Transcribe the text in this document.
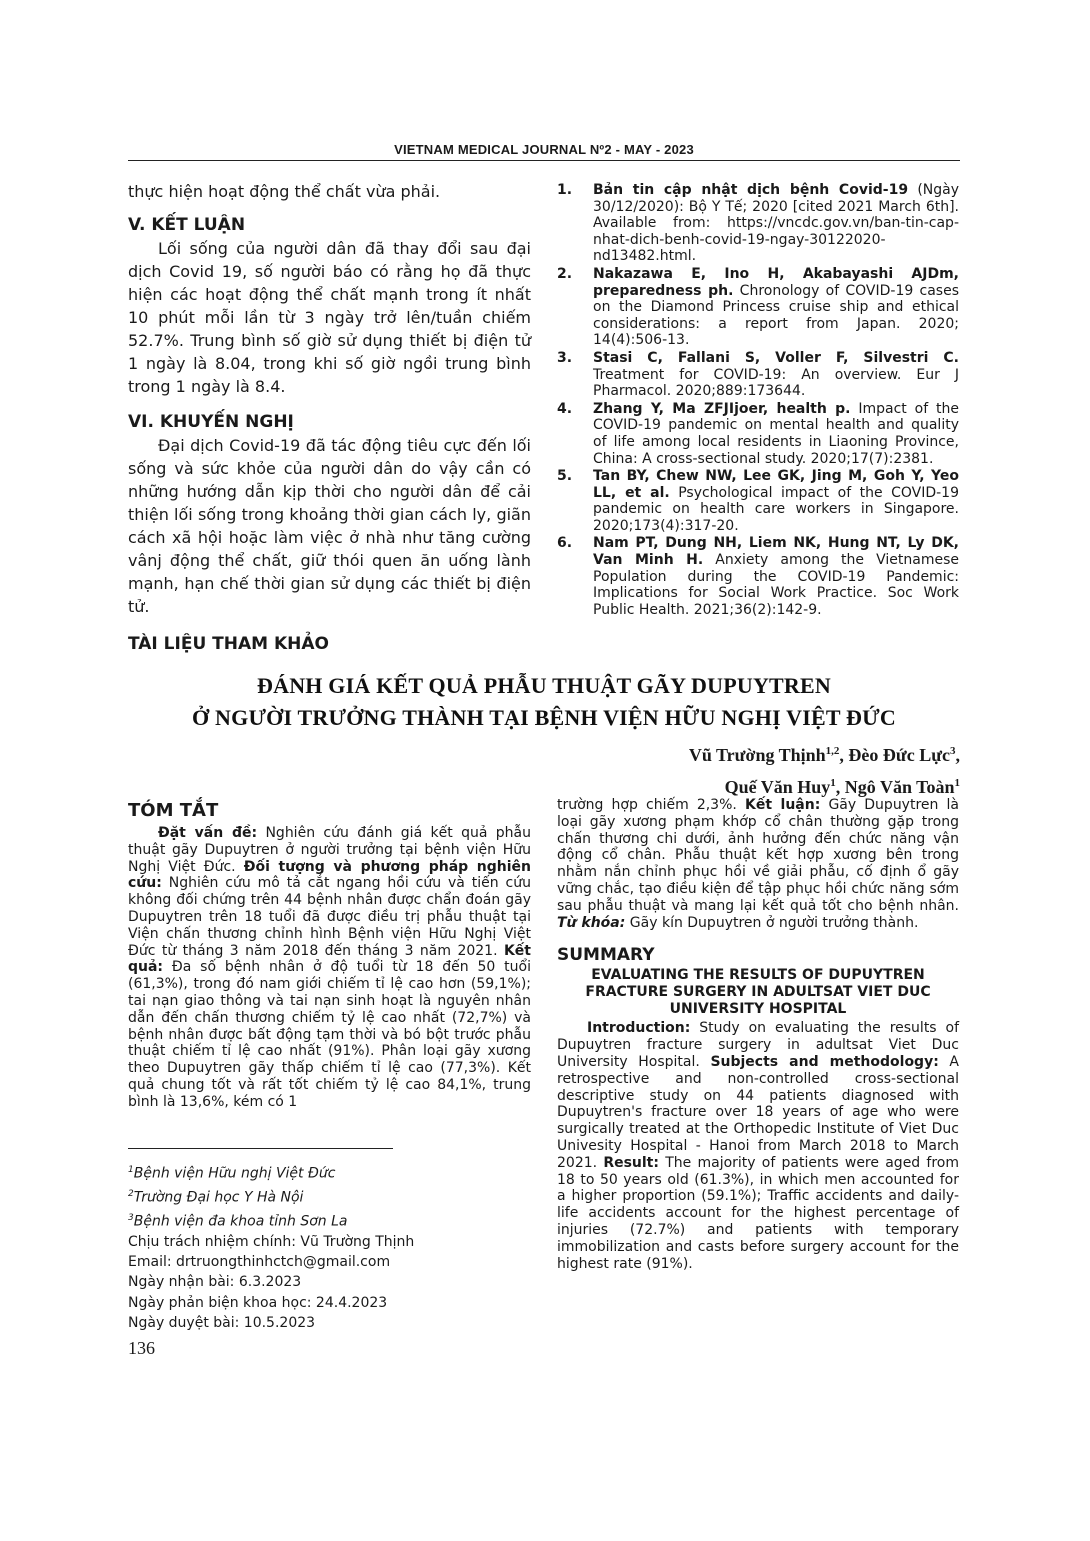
VIETNAM MEDICAL JOURNAL Nº2 - MAY - 2023
thực hiện hoạt động thể chất vừa phải.
V. KẾT LUẬN
Lối sống của người dân đã thay đổi sau đại dịch Covid 19, số người báo có rằng họ đã thực hiện các hoạt động thể chất mạnh trong ít nhất 10 phút mỗi lần từ 3 ngày trở lên/tuần chiếm 52.7%. Trung bình số giờ sử dụng thiết bị điện tử 1 ngày là 8.04, trong khi số giờ ngồi trung bình trong 1 ngày là 8.4.
VI. KHUYẾN NGHỊ
Đại dịch Covid-19 đã tác động tiêu cực đến lối sống và sức khỏe của người dân do vậy cần có những hướng dẫn kịp thời cho người dân để cải thiện lối sống trong khoảng thời gian cách ly, giãn cách xã hội hoặc làm việc ở nhà như tăng cường vânj động thể chất, giữ thói quen ăn uống lành mạnh, hạn chế thời gian sử dụng các thiết bị điện tử.
TÀI LIỆU THAM KHẢO
1.	Bản tin cập nhật dịch bệnh Covid-19 (Ngày 30/12/2020): Bộ Y Tế; 2020 [cited 2021 March 6th]. Available from: https://vncdc.gov.vn/ban-tin-cap-nhat-dich-benh-covid-19-ngay-30122020-nd13482.html.
2.	Nakazawa E, Ino H, Akabayashi AJDm, preparedness ph. Chronology of COVID-19 cases on the Diamond Princess cruise ship and ethical considerations: a report from Japan. 2020; 14(4):506-13.
3.	Stasi C, Fallani S, Voller F, Silvestri C. Treatment for COVID-19: An overview. Eur J Pharmacol. 2020;889:173644.
4.	Zhang Y, Ma ZFJIjoer, health p. Impact of the COVID-19 pandemic on mental health and quality of life among local residents in Liaoning Province, China: A cross-sectional study. 2020;17(7):2381.
5.	Tan BY, Chew NW, Lee GK, Jing M, Goh Y, Yeo LL, et al. Psychological impact of the COVID-19 pandemic on health care workers in Singapore. 2020;173(4):317-20.
6.	Nam PT, Dung NH, Liem NK, Hung NT, Ly DK, Van Minh H. Anxiety among the Vietnamese Population during the COVID-19 Pandemic: Implications for Social Work Practice. Soc Work Public Health. 2021;36(2):142-9.
ĐÁNH GIÁ KẾT QUẢ PHẪU THUẬT GÃY DUPUYTREN
Ở NGƯỜI TRƯỞNG THÀNH TẠI BỆNH VIỆN HỮU NGHỊ VIỆT ĐỨC
Vũ Trường Thịnh$^{1,2}$, Đèo Đức Lực$^3$,
Quế Văn Huy$^1$, Ngô Văn Toàn$^1$
TÓM TẮT
Đặt vấn đề: Nghiên cứu đánh giá kết quả phẫu thuật gãy Dupuytren ở người trưởng tại bệnh viện Hữu Nghị Việt Đức. Đối tượng và phương pháp nghiên cứu: Nghiên cứu mô tả cắt ngang hồi cứu và tiến cứu không đối chứng trên 44 bệnh nhân được chẩn đoán gãy Dupuytren trên 18 tuổi đã được điều trị phẫu thuật tại Viện chấn thương chỉnh hình Bệnh viện Hữu Nghị Việt Đức từ tháng 3 năm 2018 đến tháng 3 năm 2021. Kết quả: Đa số bệnh nhân ở độ tuổi từ 18 đến 50 tuổi (61,3%), trong đó nam giới chiếm tỉ lệ cao hơn (59,1%); tai nạn giao thông và tai nạn sinh hoạt là nguyên nhân dẫn đến chấn thương chiếm tỷ lệ cao nhất (72,7%) và bệnh nhân được bất động tạm thời và bó bột trước phẫu thuật chiếm tỉ lệ cao nhất (91%). Phân loại gãy xương theo Dupuytren gãy thấp chiếm tỉ lệ cao (77,3%). Kết quả chung tốt và rất tốt chiếm tỷ lệ cao 84,1%, trung bình là 13,6%, kém có 1
trường hợp chiếm 2,3%. Kết luận: Gãy Dupuytren là loại gãy xương phạm khớp cổ chân thường gặp trong chấn thương chi dưới, ảnh hưởng đến chức năng vận động cổ chân. Phẫu thuật kết hợp xương bên trong nhằm nắn chỉnh phục hồi về giải phẫu, cố định ổ gãy vững chắc, tạo điều kiện để tập phục hồi chức năng sớm sau phẫu thuật và mang lại kết quả tốt cho bệnh nhân. Từ khóa: Gãy kín Dupuytren ở người trưởng thành.
SUMMARY
EVALUATING THE RESULTS OF DUPUYTREN FRACTURE SURGERY IN ADULTSAT VIET DUC UNIVERSITY HOSPITAL
Introduction: Study on evaluating the results of Dupuytren fracture surgery in adultsat Viet Duc University Hospital. Subjects and methodology: A retrospective and non-controlled cross-sectional descriptive study on 44 patients diagnosed with Dupuytren's fracture over 18 years of age who were surgically treated at the Orthopedic Institute of Viet Duc Univesity Hospital - Hanoi from March 2018 to March 2021. Result: The majority of patients were aged from 18 to 50 years old (61.3%), in which men accounted for a higher proportion (59.1%); Traffic accidents and daily-life accidents account for the highest percentage of injuries (72.7%) and patients with temporary immobilization and casts before surgery account for the highest rate (91%).
$^1$Bệnh viện Hữu nghị Việt Đức
$^2$Trường Đại học Y Hà Nội
$^3$Bệnh viện đa khoa tỉnh Sơn La
Chịu trách nhiệm chính: Vũ Trường Thịnh
Email: drtruongthinhctch@gmail.com
Ngày nhận bài: 6.3.2023
Ngày phản biện khoa học: 24.4.2023
Ngày duyệt bài: 10.5.2023
136
